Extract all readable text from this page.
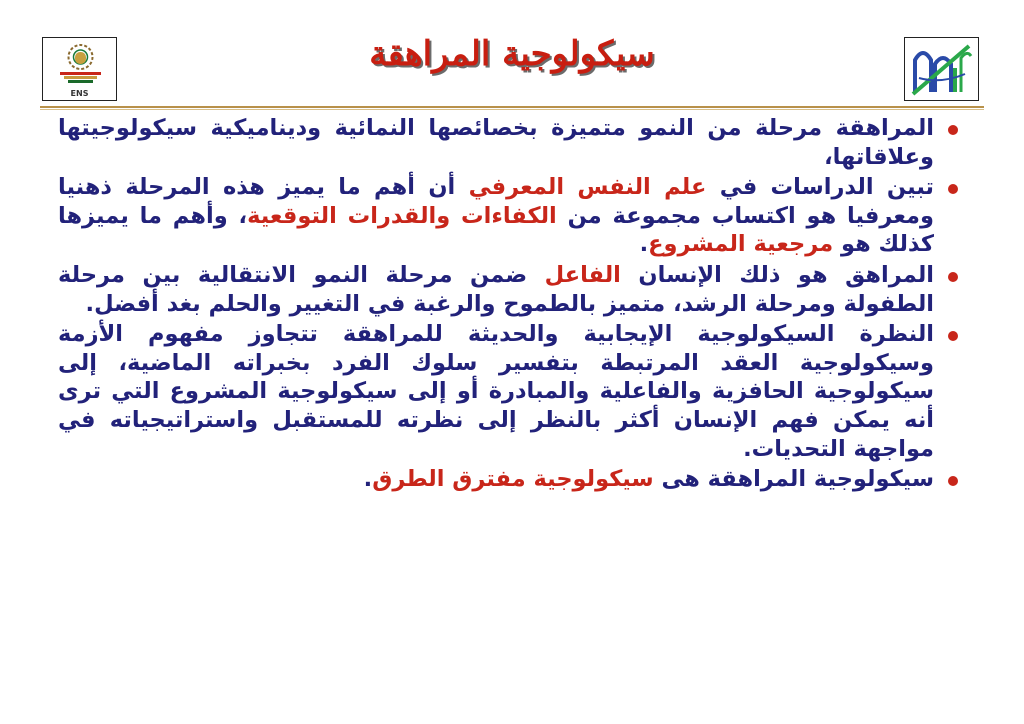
ENS
سيكولوجية المراهقة

المراهقة مرحلة من النمو متميزة بخصائصها النمائية وديناميكية سيكولوجيتها وعلاقاتها،

تبين الدراسات في علم النفس المعرفي أن أهم ما يميز هذه المرحلة ذهنيا ومعرفيا هو اكتساب مجموعة من الكفاءات والقدرات التوقعية، وأهم ما يميزها كذلك هو مرجعية المشروع.

المراهق هو ذلك الإنسان الفاعل ضمن مرحلة النمو الانتقالية بين مرحلة الطفولة ومرحلة الرشد، متميز بالطموح والرغبة في التغيير والحلم بغد أفضل.

النظرة السيكولوجية الإيجابية والحديثة للمراهقة تتجاوز مفهوم الأزمة وسيكولوجية العقد المرتبطة بتفسير سلوك الفرد بخبراته الماضية، إلى سيكولوجية الحافزية والفاعلية والمبادرة أو إلى سيكولوجية المشروع التي ترى أنه يمكن فهم الإنسان أكثر بالنظر إلى نظرته للمستقبل واستراتيجياته في مواجهة التحديات.

سيكولوجية المراهقة هى سيكولوجية مفترق الطرق.
